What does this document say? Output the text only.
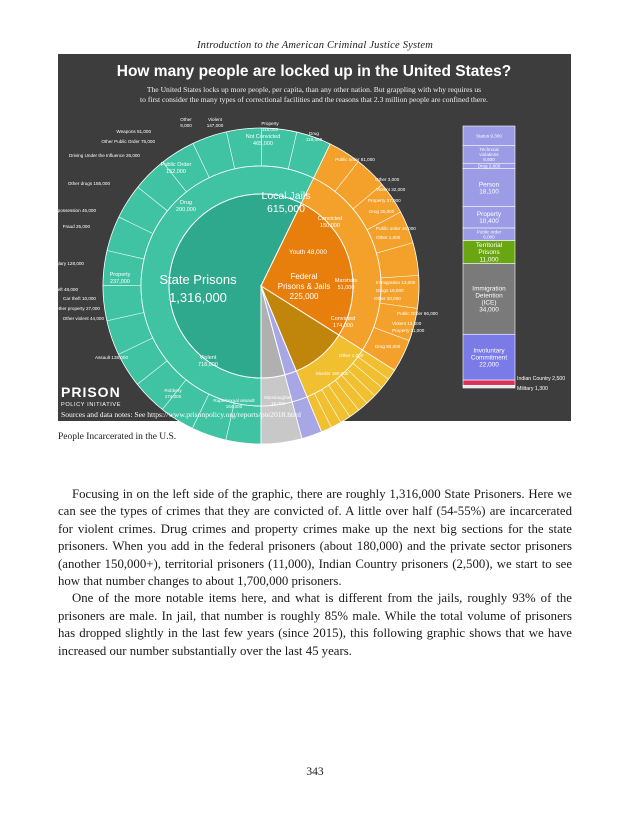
Introduction to the American Criminal Justice System
How many people are locked up in the United States?
The United States locks up more people, per capita, than any other nation. But grappling with why requires us
to first consider the many types of correctional facilities and the reasons that 2.3 million people are confined there.
Local Jails
615,000
State Prisons
1,316,000
Federal
Prisons & Jails
225,000
Youth 48,000
Not Convicted
465,000
Convicted
150,000
Public Order
152,000
Drug
200,000
Property
237,000
Violent
718,000
Marshals
51,000
Convicted
174,000
Other
9,000
Violent
147,000	Property
116,000
Drug
118,000
Public order 81,000
Other 3,000
Violent 32,000
Property 37,000
Drug 35,000
Public order 46,000
Other 1,000
Weapons 51,000
Other Public Order 75,000
Driving Under the Influence 26,000
Other drugs 155,000
Drug possession 45,000
Fraud 25,000
Burglary 128,000
Theft 48,000
Car theft 10,000
Other property 27,000
Other violent 44,000
Assault 138,000
Robbery
174,000
Rape/sexual assault
164,000
Manslaughter
18,000
Murder 180,000
Immigration 13,000
Drugs 18,000
Other 20,000
Public Order 66,000
Violent 13,000
Property 11,000
Drug 82,000
Other 1,000
Status 9,300
Technical
violations
8,600
Drug 2,600
Person
18,100
Property
10,400
Public order
6,000
Territorial
Prisons
11,000
Immigration
Detention
(ICE)
34,000
Involuntary
Commitment
22,000
Indian Country 2,500
Military 1,300
PRISON
POLICY INITIATIVE
Sources and data notes: See https://www.prisonpolicy.org/reports/pie2018.html
People Incarcerated in the U.S.

Focusing in on the left side of the graphic, there are roughly 1,316,000 State Prisoners. Here we can see the types of crimes that they are convicted of. A little over half (54-55%) are incarcerated for violent crimes. Drug crimes and property crimes make up the next big sections for the state prisoners. When you add in the federal prisoners (about 180,000) and the private sector prisoners (another 150,000+), territorial prisoners (11,000), Indian Country prisoners (2,500), we start to see how that number changes to about 1,700,000 prisoners.

One of the more notable items here, and what is different from the jails, roughly 93% of the prisoners are male. In jail, that number is roughly 85% male. While the total volume of prisoners has dropped slightly in the last few years (since 2015), this following graphic shows that we have increased our number substantially over the last 45 years.

343
